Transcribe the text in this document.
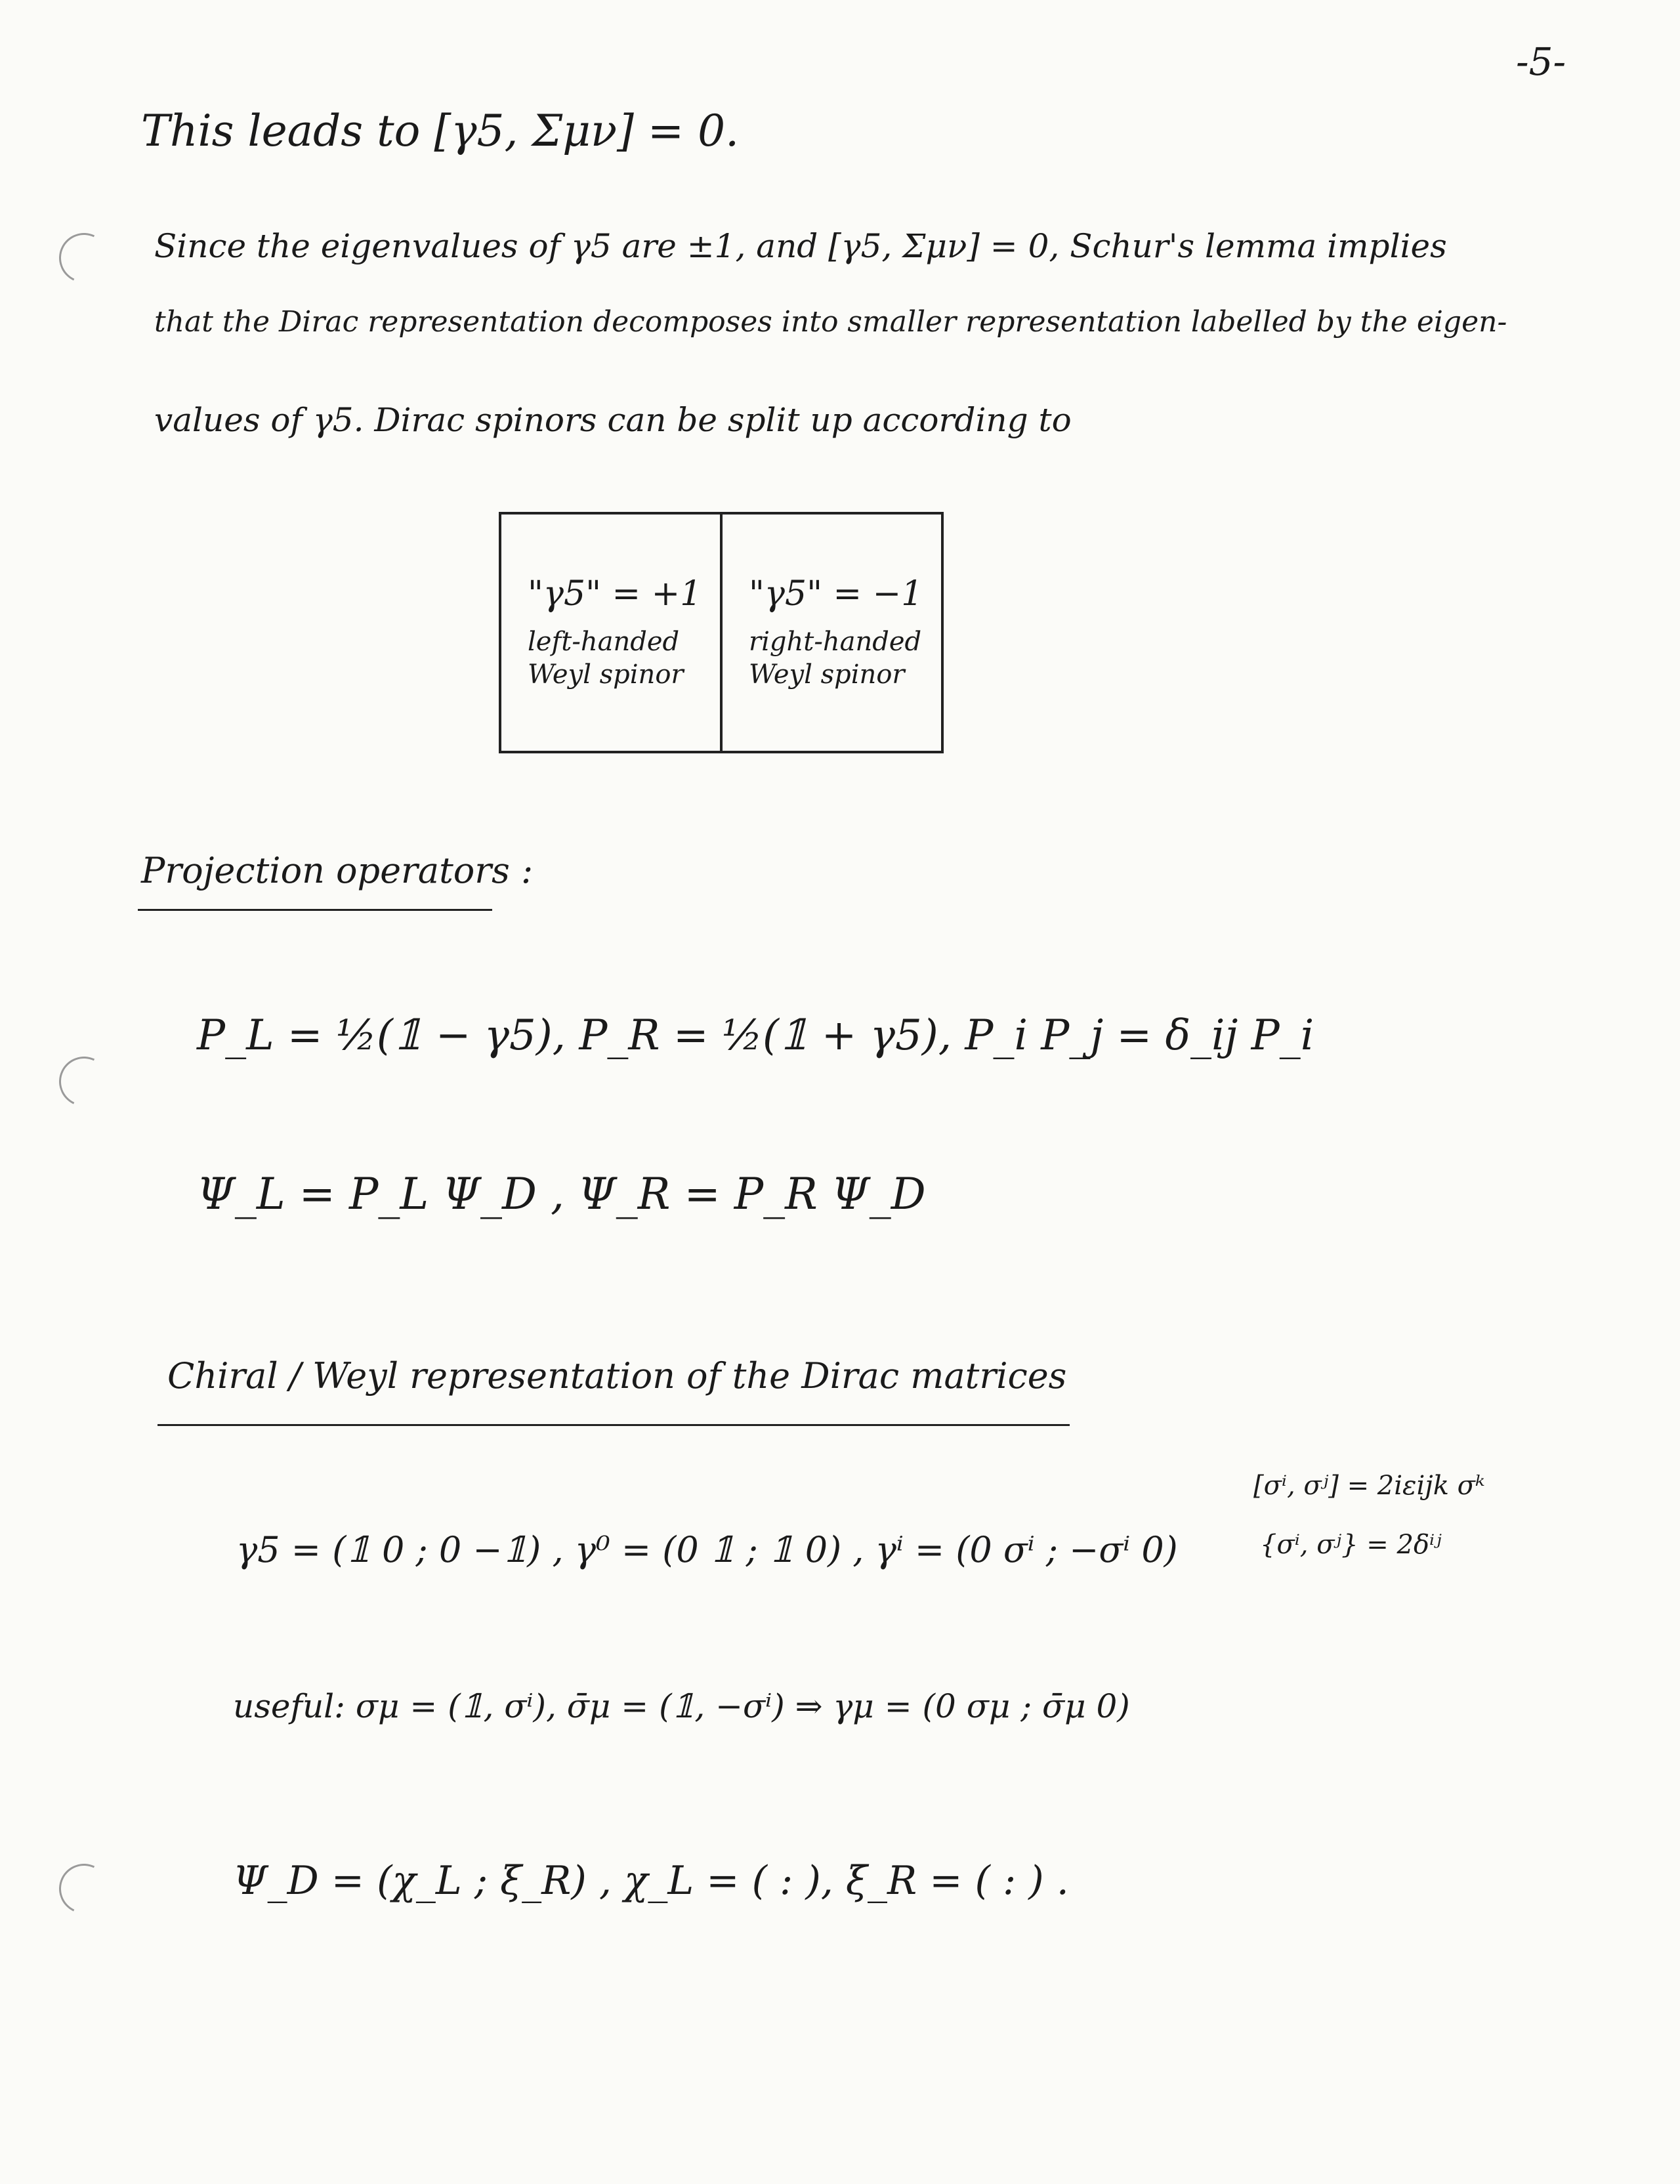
-5-
This leads to [γ5, Σμν] = 0.
Since the eigenvalues of γ5 are ±1, and [γ5, Σμν] = 0, Schur's lemma implies
that the Dirac representation decomposes into smaller representation labelled by the eigen-
values of γ5. Dirac spinors can be split up according to
"γ5" = +1
left-handed Weyl spinor
"γ5" = −1
right-handed Weyl spinor
Projection operators :
P_L = ½(𝟙 − γ5), P_R = ½(𝟙 + γ5), P_i P_j = δ_ij P_i
Ψ_L = P_L Ψ_D , Ψ_R = P_R Ψ_D
Chiral / Weyl representation of the Dirac matrices
γ5 = (𝟙 0 ; 0 −𝟙) , γ⁰ = (0 𝟙 ; 𝟙 0) , γⁱ = (0 σⁱ ; −σⁱ 0)
[σⁱ, σʲ] = 2iεijk σᵏ
{σⁱ, σʲ} = 2δⁱʲ
useful: σμ = (𝟙, σⁱ), σ̄μ = (𝟙, −σⁱ) ⇒ γμ = (0 σμ ; σ̄μ 0)
Ψ_D = (χ_L ; ξ_R) , χ_L = ( : ), ξ_R = ( : ) .
